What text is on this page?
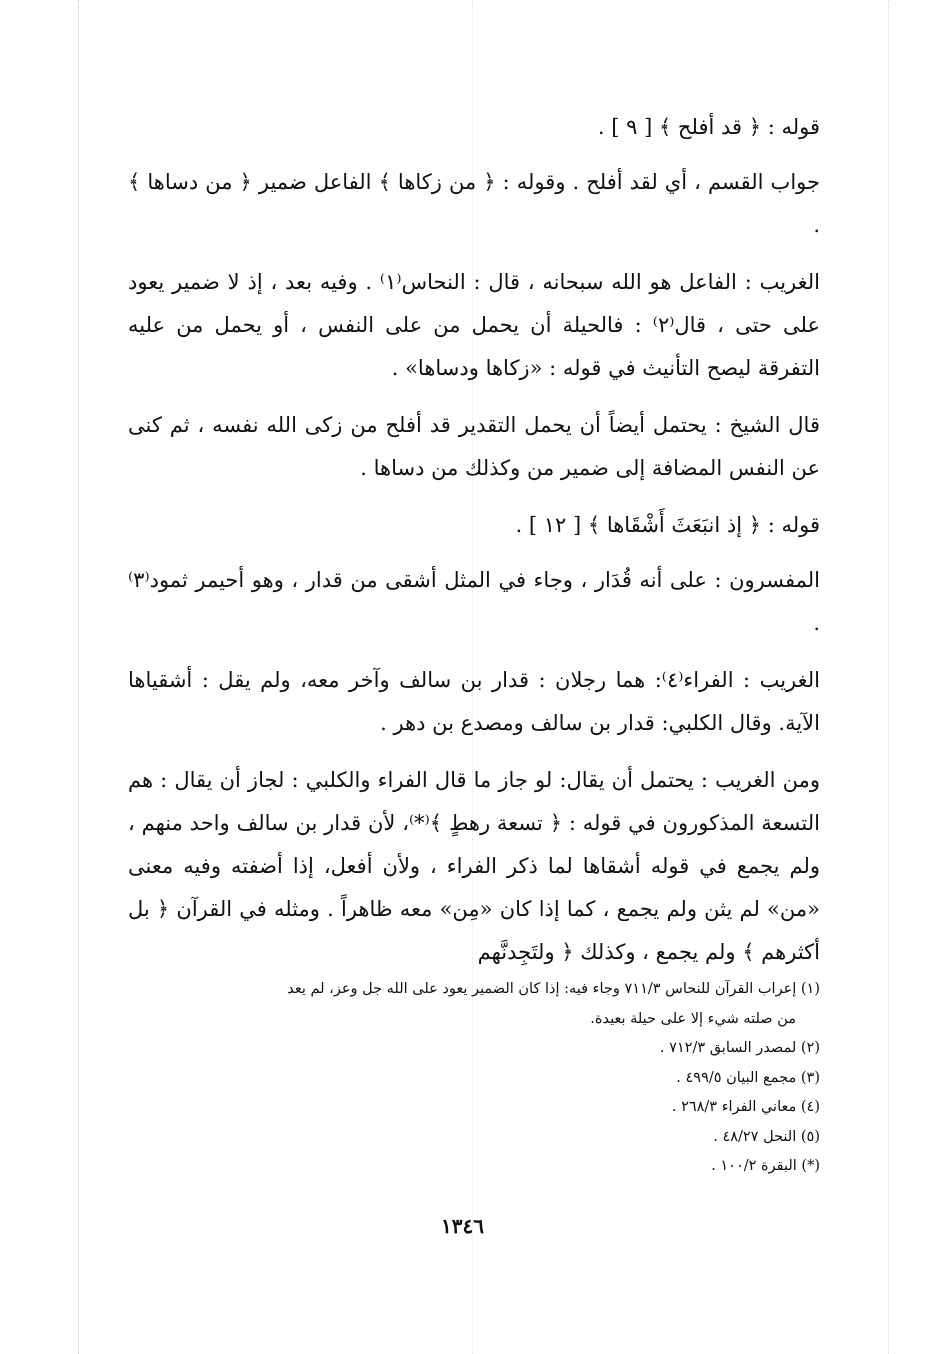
قوله : ﴿ قد أفلح ﴾ [ ٩ ] .

جواب القسم ، أي لقد أفلح . وقوله : ﴿ من زكاها ﴾ الفاعل ضمير ﴿ من دساها ﴾ .

الغريب : الفاعل هو الله سبحانه ، قال : النحاس⁽١⁾ . وفيه بعد ، إذ لا ضمير يعود على حتى ، قال⁽٢⁾ : فالحيلة أن يحمل من على النفس ، أو يحمل من عليه التفرقة ليصح التأنيث في قوله : «زكاها ودساها» .

قال الشيخ : يحتمل أيضاً أن يحمل التقدير قد أفلح من زكى الله نفسه ، ثم كنى عن النفس المضافة إلى ضمير من وكذلك من دساها .

قوله : ﴿ إذ انبَعَثَ أَشْقَاها ﴾ [ ١٢ ] .

المفسرون : على أنه قُدَار ، وجاء في المثل أشقى من قدار ، وهو أحيمر ثمود⁽٣⁾ .

الغريب : الفراء⁽٤⁾: هما رجلان : قدار بن سالف وآخر معه، ولم يقل : أشقياها الآية. وقال الكلبي: قدار بن سالف ومصدع بن دهر .

ومن الغريب : يحتمل أن يقال: لو جاز ما قال الفراء والكلبي : لجاز أن يقال : هم التسعة المذكورون في قوله : ﴿ تسعة رهطٍ ﴾⁽*⁾، لأن قدار بن سالف واحد منهم ، ولم يجمع في قوله أشقاها لما ذكر الفراء ، ولأن أفعل، إذا أضفته وفيه معنى «من» لم يثن ولم يجمع ، كما إذا كان «مِن» معه ظاهراً . ومثله في القرآن ﴿ بل أكثرهم ﴾ ولم يجمع ، وكذلك ﴿ ولتَجِدنَّهم

(١) إعراب القرآن للنحاس ٧١١/٣ وجاء فيه: إذا كان الضمير يعود على الله جل وعز، لم يعد

من صلته شيء إلا على حيلة بعيدة.

(٢) لمصدر السابق ٧١٢/٣ .

(٣) مجمع البيان ٤٩٩/٥ .

(٤) معاني الفراء ٢٦٨/٣ .

(٥) النحل ٤٨/٢٧ .

(*) البقرة ١٠٠/٢ .

١٣٤٦
